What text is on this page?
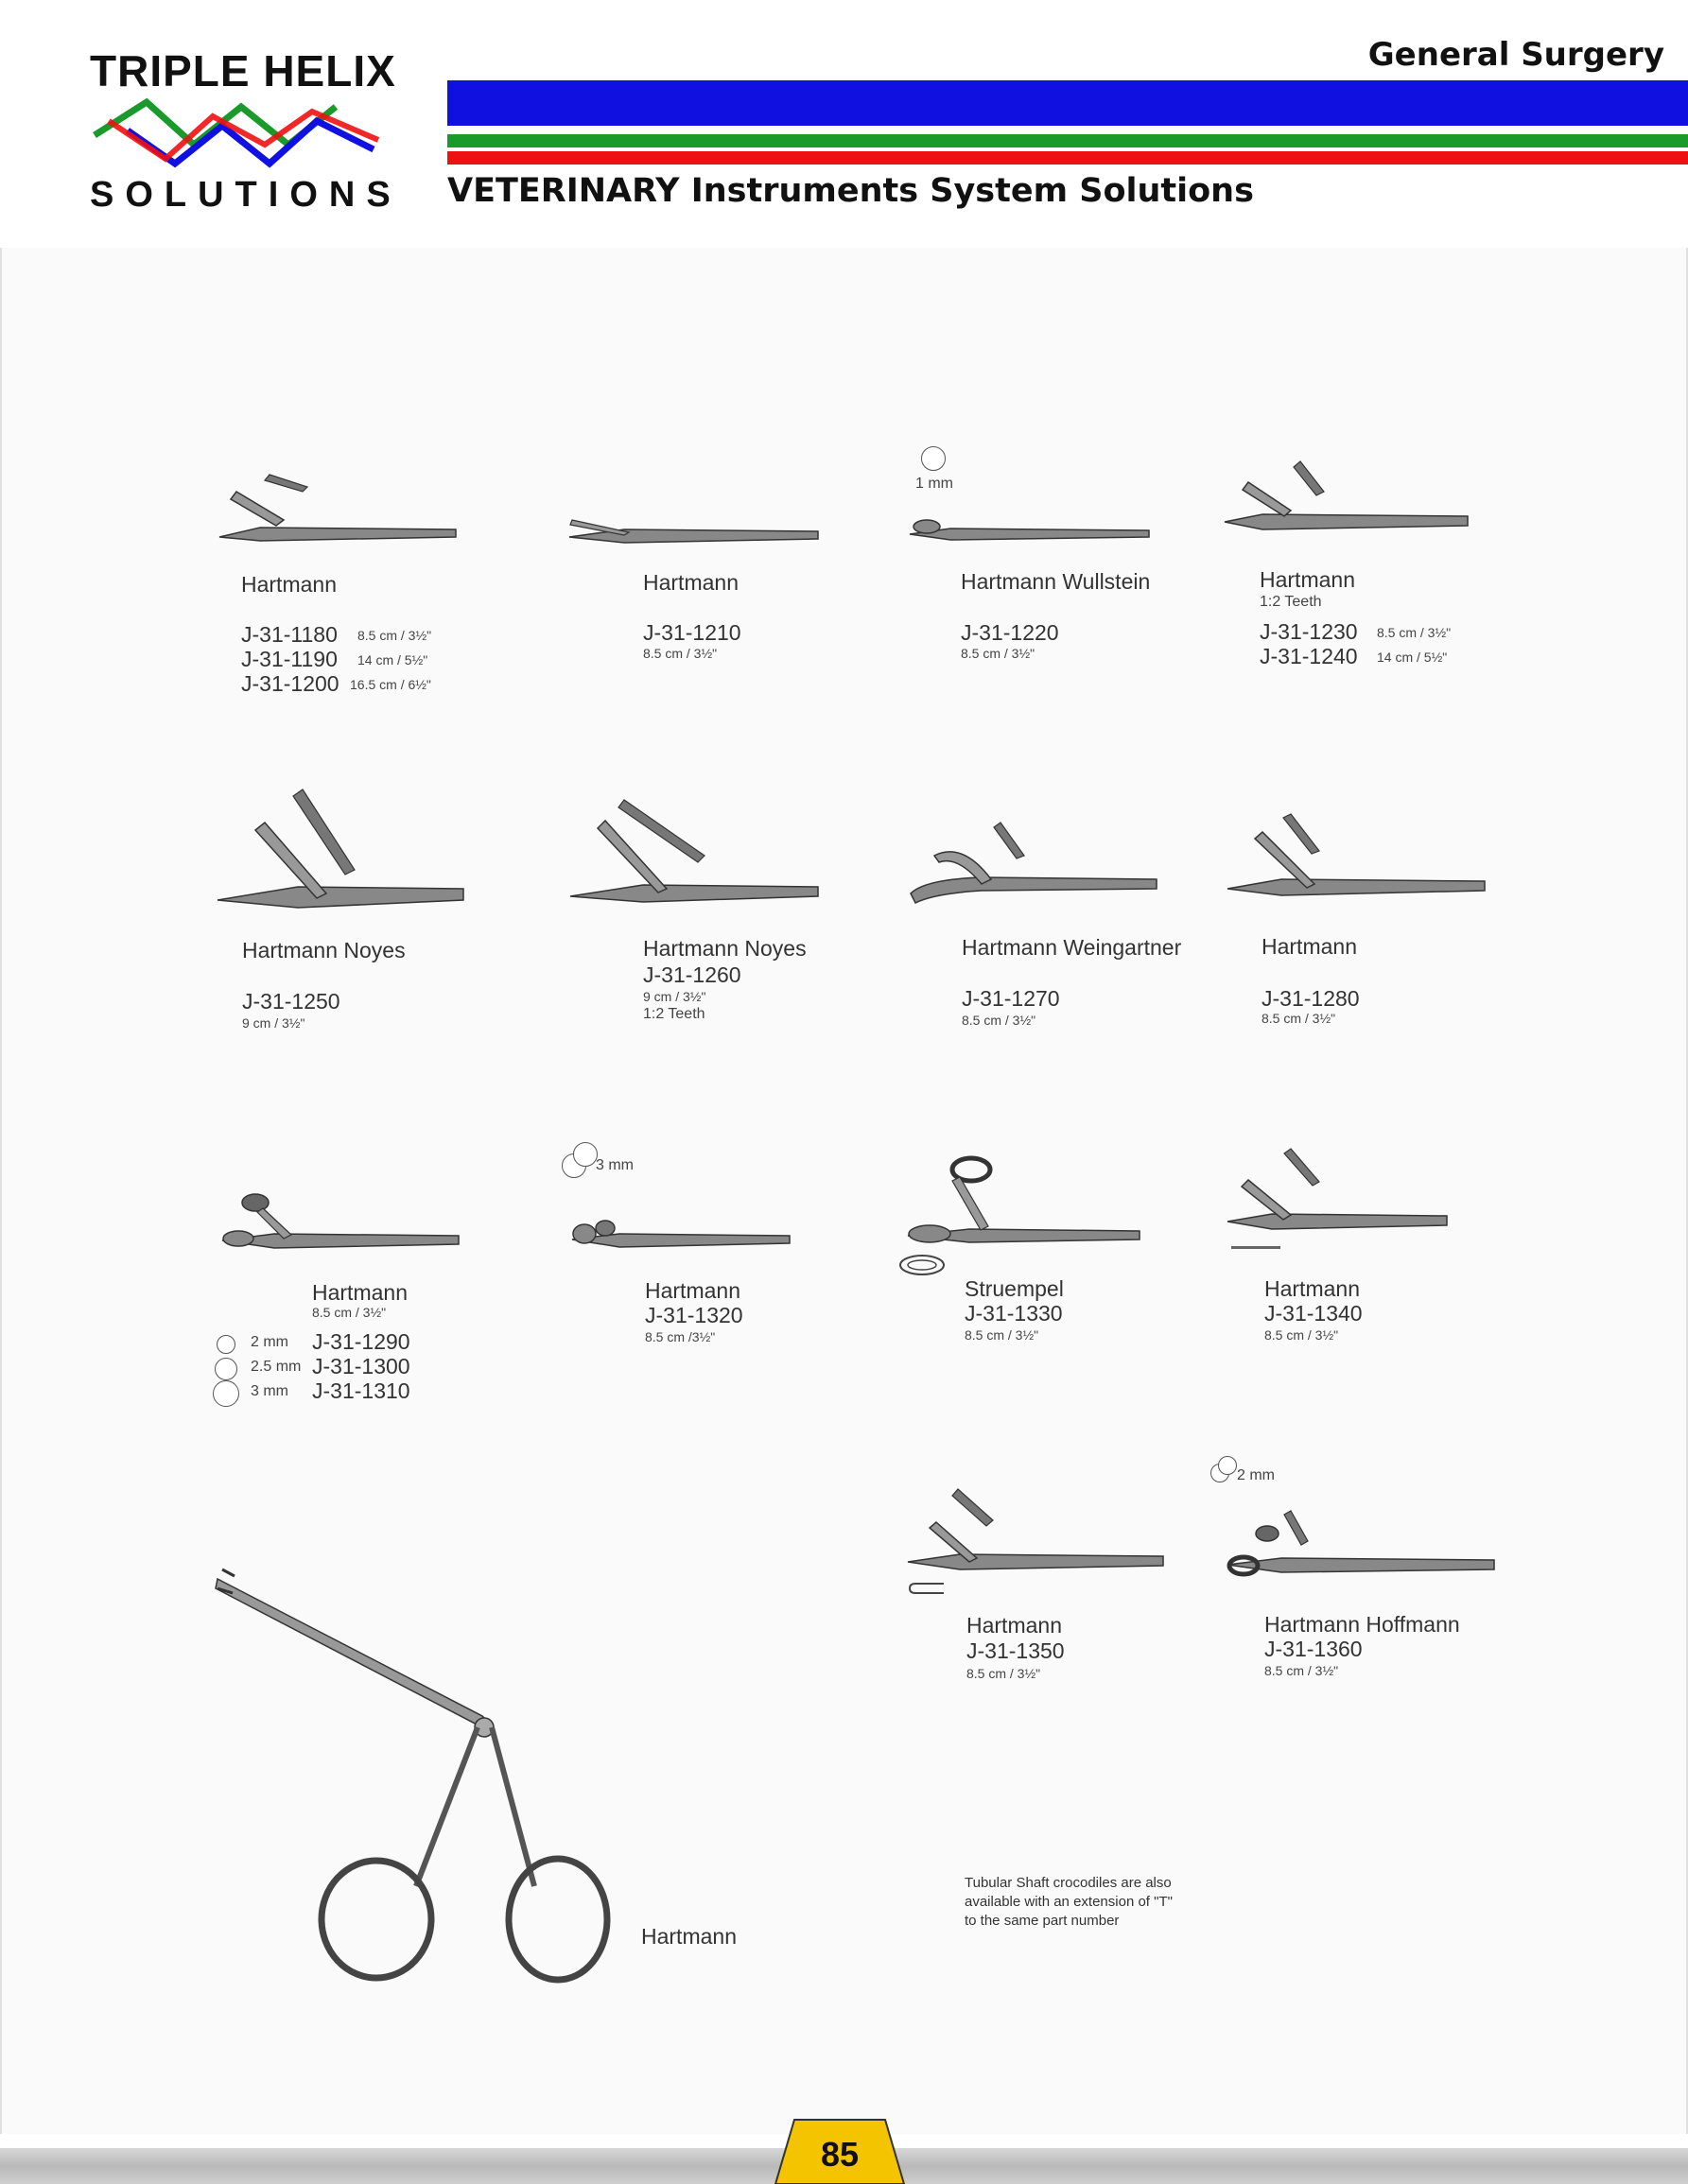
TRIPLE HELIX
SOLUTIONS
General Surgery
VETERINARY Instruments System Solutions
Hartmann
J-31-1180 8.5 cm / 3½"
J-31-1190 14 cm / 5½"
J-31-1200 16.5 cm / 6½"
Hartmann
J-31-1210
8.5 cm / 3½"
1 mm
Hartmann Wullstein
J-31-1220
8.5 cm / 3½"
Hartmann
1:2 Teeth
J-31-1230 8.5 cm / 3½"
J-31-1240 14 cm / 5½"
Hartmann Noyes
J-31-1250
9 cm / 3½"
Hartmann Noyes
J-31-1260
9 cm / 3½"
1:2 Teeth
Hartmann Weingartner
J-31-1270
8.5 cm / 3½"
Hartmann
J-31-1280
8.5 cm / 3½"
Hartmann
8.5 cm / 3½"
2 mm J-31-1290
2.5 mm J-31-1300
3 mm J-31-1310
3 mm
Hartmann
J-31-1320
8.5 cm /3½"
Struempel
J-31-1330
8.5 cm / 3½"
Hartmann
J-31-1340
8.5 cm / 3½"
Hartmann
J-31-1350
8.5 cm / 3½"
2 mm
Hartmann Hoffmann
J-31-1360
8.5 cm / 3½"
Hartmann
Tubular Shaft crocodiles are also available with an extension of "T" to the same part number
85
